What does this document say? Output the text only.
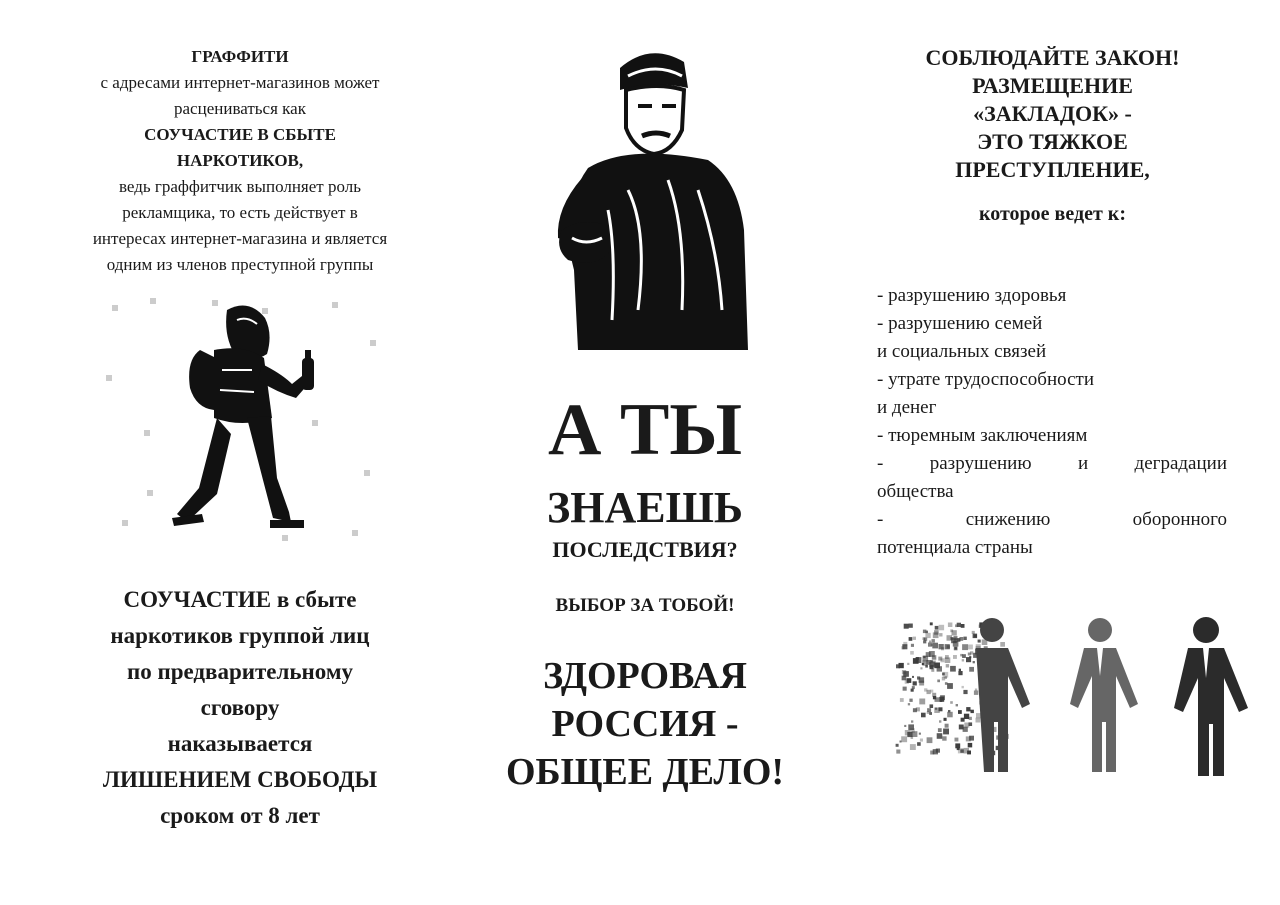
ГРАФФИТИ
с адресами интернет-магазинов может
расцениваться как
СОУЧАСТИЕ В СБЫТЕ
НАРКОТИКОВ,
ведь граффитчик выполняет роль
рекламщика, то есть действует в
интересах интернет-магазина и является
одним из членов преступной группы
СОУЧАСТИЕ в сбыте
наркотиков группой лиц
по предварительному
сговору
наказывается
ЛИШЕНИЕМ СВОБОДЫ
сроком от 8 лет
А ТЫ
ЗНАЕШЬ
ПОСЛЕДСТВИЯ?
ВЫБОР ЗА ТОБОЙ!
ЗДОРОВАЯ
РОССИЯ -
ОБЩЕЕ ДЕЛО!
СОБЛЮДАЙТЕ ЗАКОН!
РАЗМЕЩЕНИЕ
«ЗАКЛАДОК» -
ЭТО ТЯЖКОЕ
ПРЕСТУПЛЕНИЕ,
которое ведет к:

- разрушению здоровья

- разрушению семей

и социальных связей

- утрате трудоспособности

и денег

- тюремным заключениям

- разрушению и деградации

общества

- снижению оборонного

потенциала страны
